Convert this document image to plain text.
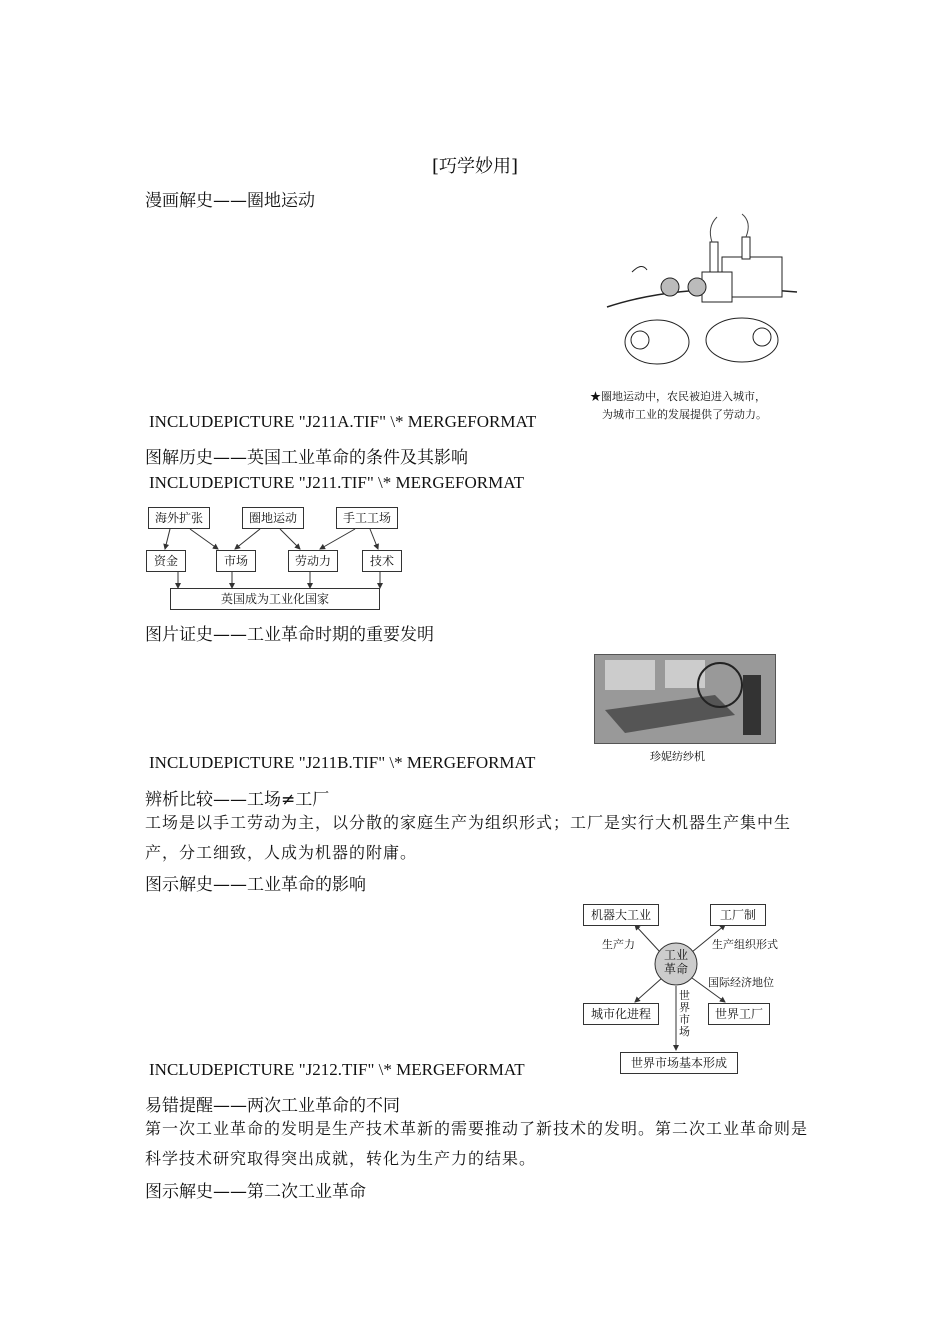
[巧学妙用]
漫画解史——圈地运动
★圈地运动中，农民被迫进入城市，
为城市工业的发展提供了劳动力。
INCLUDEPICTURE "J211A.TIF" \* MERGEFORMAT
图解历史——英国工业革命的条件及其影响
INCLUDEPICTURE "J211.TIF" \* MERGEFORMAT
海外扩张	圈地运动	手工工场
资金	市场	劳动力	技术
英国成为工业化国家
图片证史——工业革命时期的重要发明
珍妮纺纱机
INCLUDEPICTURE "J211B.TIF" \* MERGEFORMAT
辨析比较——工场≠工厂
工场是以手工劳动为主，以分散的家庭生产为组织形式；工厂是实行大机器生产集中生产，分工细致，人成为机器的附庸。
图示解史——工业革命的影响
工业
革命
机器大工业	工厂制
城市化进程	世界工厂
世界市场基本形成
生产力	生产组织形式
国际经济地位
世
界
市
场
INCLUDEPICTURE "J212.TIF" \* MERGEFORMAT
易错提醒——两次工业革命的不同
第一次工业革命的发明是生产技术革新的需要推动了新技术的发明。第二次工业革命则是科学技术研究取得突出成就，转化为生产力的结果。
图示解史——第二次工业革命
